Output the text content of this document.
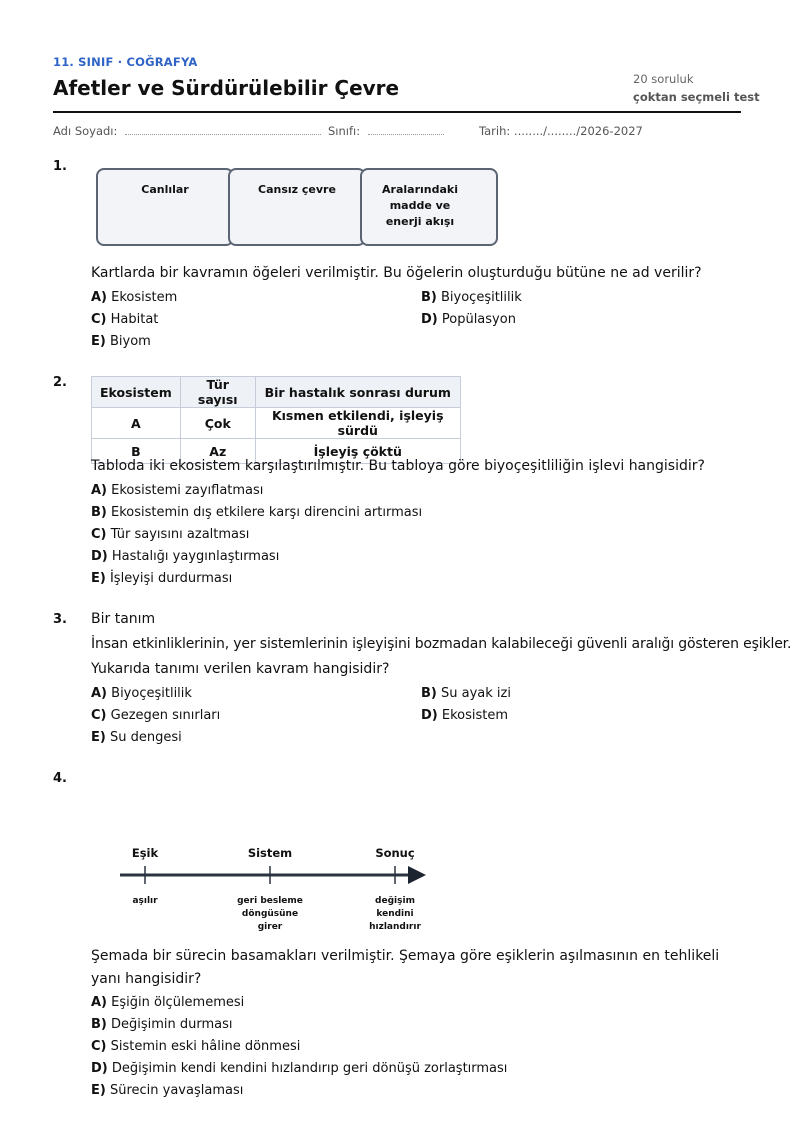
11. SINIF · COĞRAFYA
Afetler ve Sürdürülebilir Çevre	20 soruluk
çoktan seçmeli test
Adı Soyadı:	Sınıfı:	Tarih: ......../......../2026-2027
1.
Canlılar	Cansız çevre	Aralarındaki madde ve enerji akışı
Kartlarda bir kavramın öğeleri verilmiştir. Bu öğelerin oluşturduğu bütüne ne ad verilir?
A) Ekosistem	B) Biyoçeşitlilik
C) Habitat	D) Popülasyon
E) Biyom
2.
Ekosistem	Tür sayısı	Bir hastalık sonrası durum
A	Çok	Kısmen etkilendi, işleyiş sürdü
B	Az	İşleyiş çöktü
Tabloda iki ekosistem karşılaştırılmıştır. Bu tabloya göre biyoçeşitliliğin işlevi hangisidir?
A) Ekosistemi zayıflatması
B) Ekosistemin dış etkilere karşı direncini artırması
C) Tür sayısını azaltması
D) Hastalığı yaygınlaştırması
E) İşleyişi durdurması
3. Bir tanım
İnsan etkinliklerinin, yer sistemlerinin işleyişini bozmadan kalabileceği güvenli aralığı gösteren eşikler.
Yukarıda tanımı verilen kavram hangisidir?
A) Biyoçeşitlilik	B) Su ayak izi
C) Gezegen sınırları	D) Ekosistem
E) Su dengesi
4.
Eşik	Sistem	Sonuç
aşılır	geri besleme döngüsüne girer
değişim kendini hızlandırır
Şemada bir sürecin basamakları verilmiştir. Şemaya göre eşiklerin aşılmasının en tehlikeli yanı hangisidir?
A) Eşiğin ölçülememesi
B) Değişimin durması
C) Sistemin eski hâline dönmesi
D) Değişimin kendi kendini hızlandırıp geri dönüşü zorlaştırması
E) Sürecin yavaşlaması
